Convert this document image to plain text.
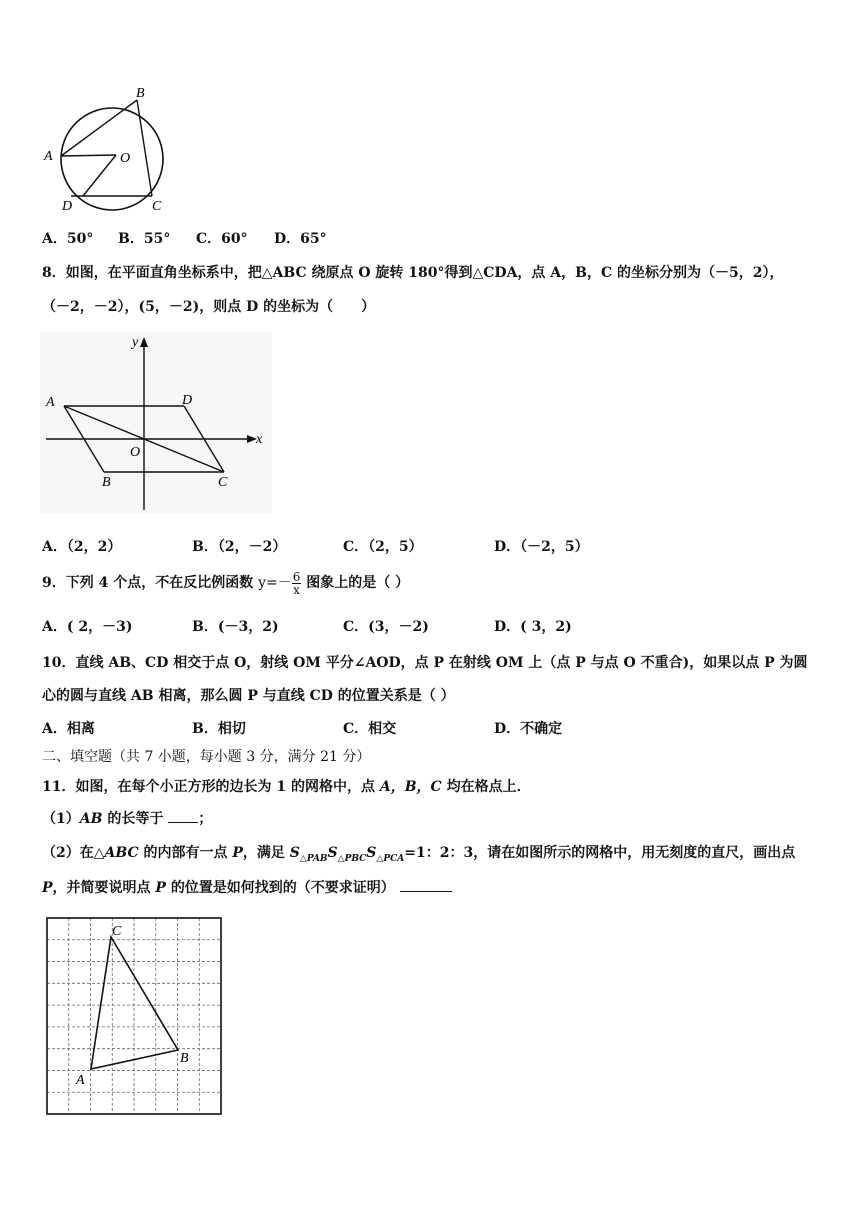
B
A	O
D	C
A．50° B．55° C．60° D．65°
8．如图，在平面直角坐标系中，把△ABC 绕原点 O 旋转 180°得到△CDA，点 A，B，C 的坐标分别为（－5，2），
（－2，－2），(5，－2)，则点 D 的坐标为（　　）
y
x
A	D
O
B	C
A．（2，2）	B．（2，－2）	C．（2，5）	D．（－2，5）
9．下列 4 个点，不在反比例函数 $y=- \frac{6}{x}$ 图象上的是（ ）
A．( 2，－3)	B．(－3，2)	C．(3，－2)	D．( 3，2)
10．直线 AB、CD 相交于点 O，射线 OM 平分∠AOD，点 P 在射线 OM 上（点 P 与点 O 不重合)，如果以点 P 为圆
心的圆与直线 AB 相离，那么圆 P 与直线 CD 的位置关系是（ ）
A．相离	B．相切	C．相交	D．不确定
二、填空题（共 7 小题，每小题 3 分，满分 21 分）
11．如图，在每个小正方形的边长为 1 的网格中，点 A，B，C 均在格点上．
（1）AB 的长等于 ；
（2）在△ABC 的内部有一点 P，满足 $S_{\triangle PAB}S_{\triangle PBC}S_{\triangle PCA}=1$：2：3，请在如图所示的网格中，用无刻度的直尺，画出点
P，并简要说明点 P 的位置是如何找到的（不要求证明）
C
A
B
